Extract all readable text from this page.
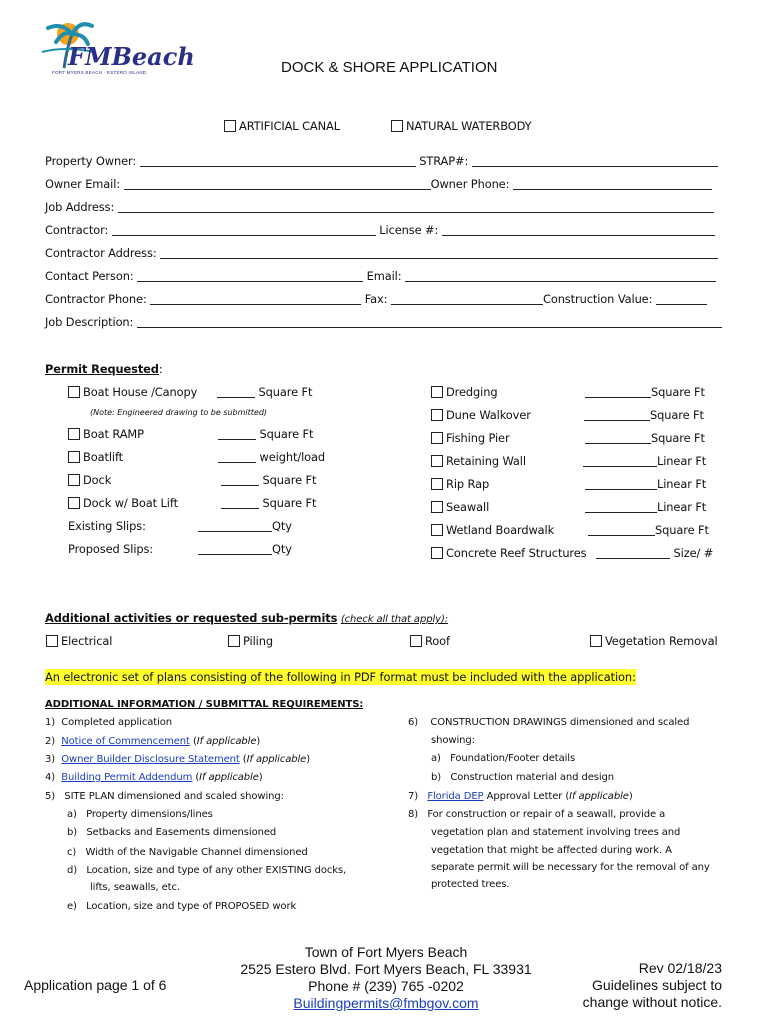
FMBeach
FORT MYERS BEACH · ESTERO ISLAND	DOCK & SHORE APPLICATION
ARTIFICIAL CANAL	NATURAL WATERBODY
Property Owner:	STRAP#:
Owner Email:	Owner Phone:
Job Address:
Contractor:	License #:
Contractor Address:
Contact Person:	Email:
Contractor Phone:	Fax:	Construction Value:
Job Description:
Permit Requested:
Boat House /Canopy	Square Ft
(Note: Engineered drawing to be submitted)
Boat RAMP	Square Ft
Boatlift	weight/load
Dock	Square Ft
Dock w/ Boat Lift	Square Ft
Existing Slips:	Qty
Proposed Slips:	Qty
Dredging	Square Ft
Dune Walkover	Square Ft
Fishing Pier	Square Ft
Retaining Wall	Linear Ft
Rip Rap	Linear Ft
Seawall	Linear Ft
Wetland Boardwalk	Square Ft
Concrete Reef Structures	Size/ #
Additional activities or requested sub-permits (check all that apply):
Electrical	Piling	Roof	Vegetation Removal
An electronic set of plans consisting of the following in PDF format must be included with the application:
ADDITIONAL INFORMATION / SUBMITTAL REQUIREMENTS:
1) Completed application
2) Notice of Commencement (If applicable)
3) Owner Builder Disclosure Statement (If applicable)
4) Building Permit Addendum (If applicable)
5) SITE PLAN dimensioned and scaled showing:
a) Property dimensions/lines
b) Setbacks and Easements dimensioned
c) Width of the Navigable Channel dimensioned
d) Location, size and type of any other EXISTING docks,
lifts, seawalls, etc.
e) Location, size and type of PROPOSED work
6) CONSTRUCTION DRAWINGS dimensioned and scaled
showing:
a) Foundation/Footer details
b) Construction material and design
7) Florida DEP Approval Letter (If applicable)
8) For construction or repair of a seawall, provide a
vegetation plan and statement involving trees and
vegetation that might be affected during work. A
separate permit will be necessary for the removal of any
protected trees.
Application page 1 of 6
Town of Fort Myers Beach
2525 Estero Blvd. Fort Myers Beach, FL 33931
Phone # (239) 765 -0202
Buildingpermits@fmbgov.com
Rev 02/18/23
Guidelines subject to
change without notice.
